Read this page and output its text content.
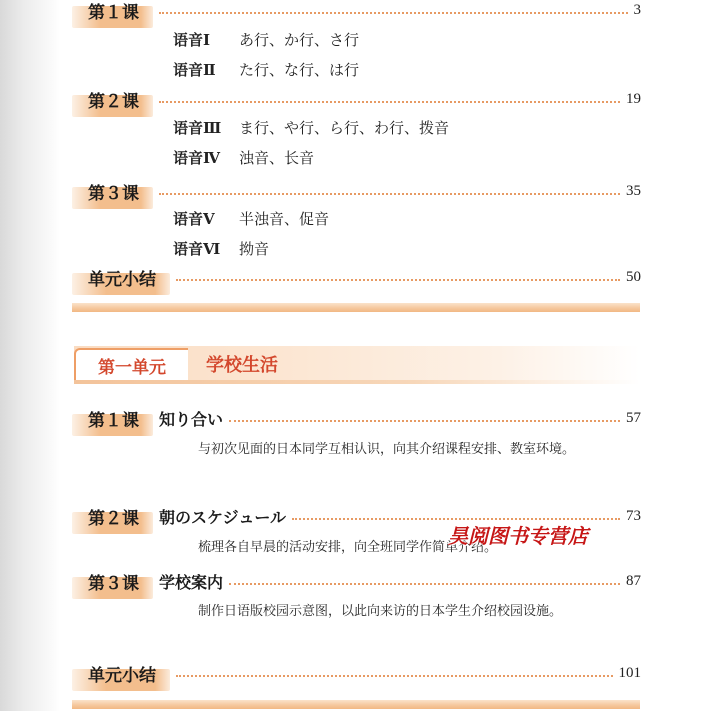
第１课	3
语音Ⅰ	あ行、か行、さ行
语音Ⅱ	た行、な行、は行
第２课	19
语音Ⅲ	ま行、や行、ら行、わ行、拨音
语音Ⅳ	浊音、长音
第３课	35
语音Ⅴ	半浊音、促音
语音Ⅵ	拗音
单元小结	50
第一单元	学校生活
第１课	知り合い	57
与初次见面的日本同学互相认识，向其介绍课程安排、教室环境。
第２课	朝のスケジュール	73
梳理各自早晨的活动安排，向全班同学作简单介绍。
第３课	学校案内	87
制作日语版校园示意图，以此向来访的日本学生介绍校园设施。
单元小结	101
昊阅图书专营店
